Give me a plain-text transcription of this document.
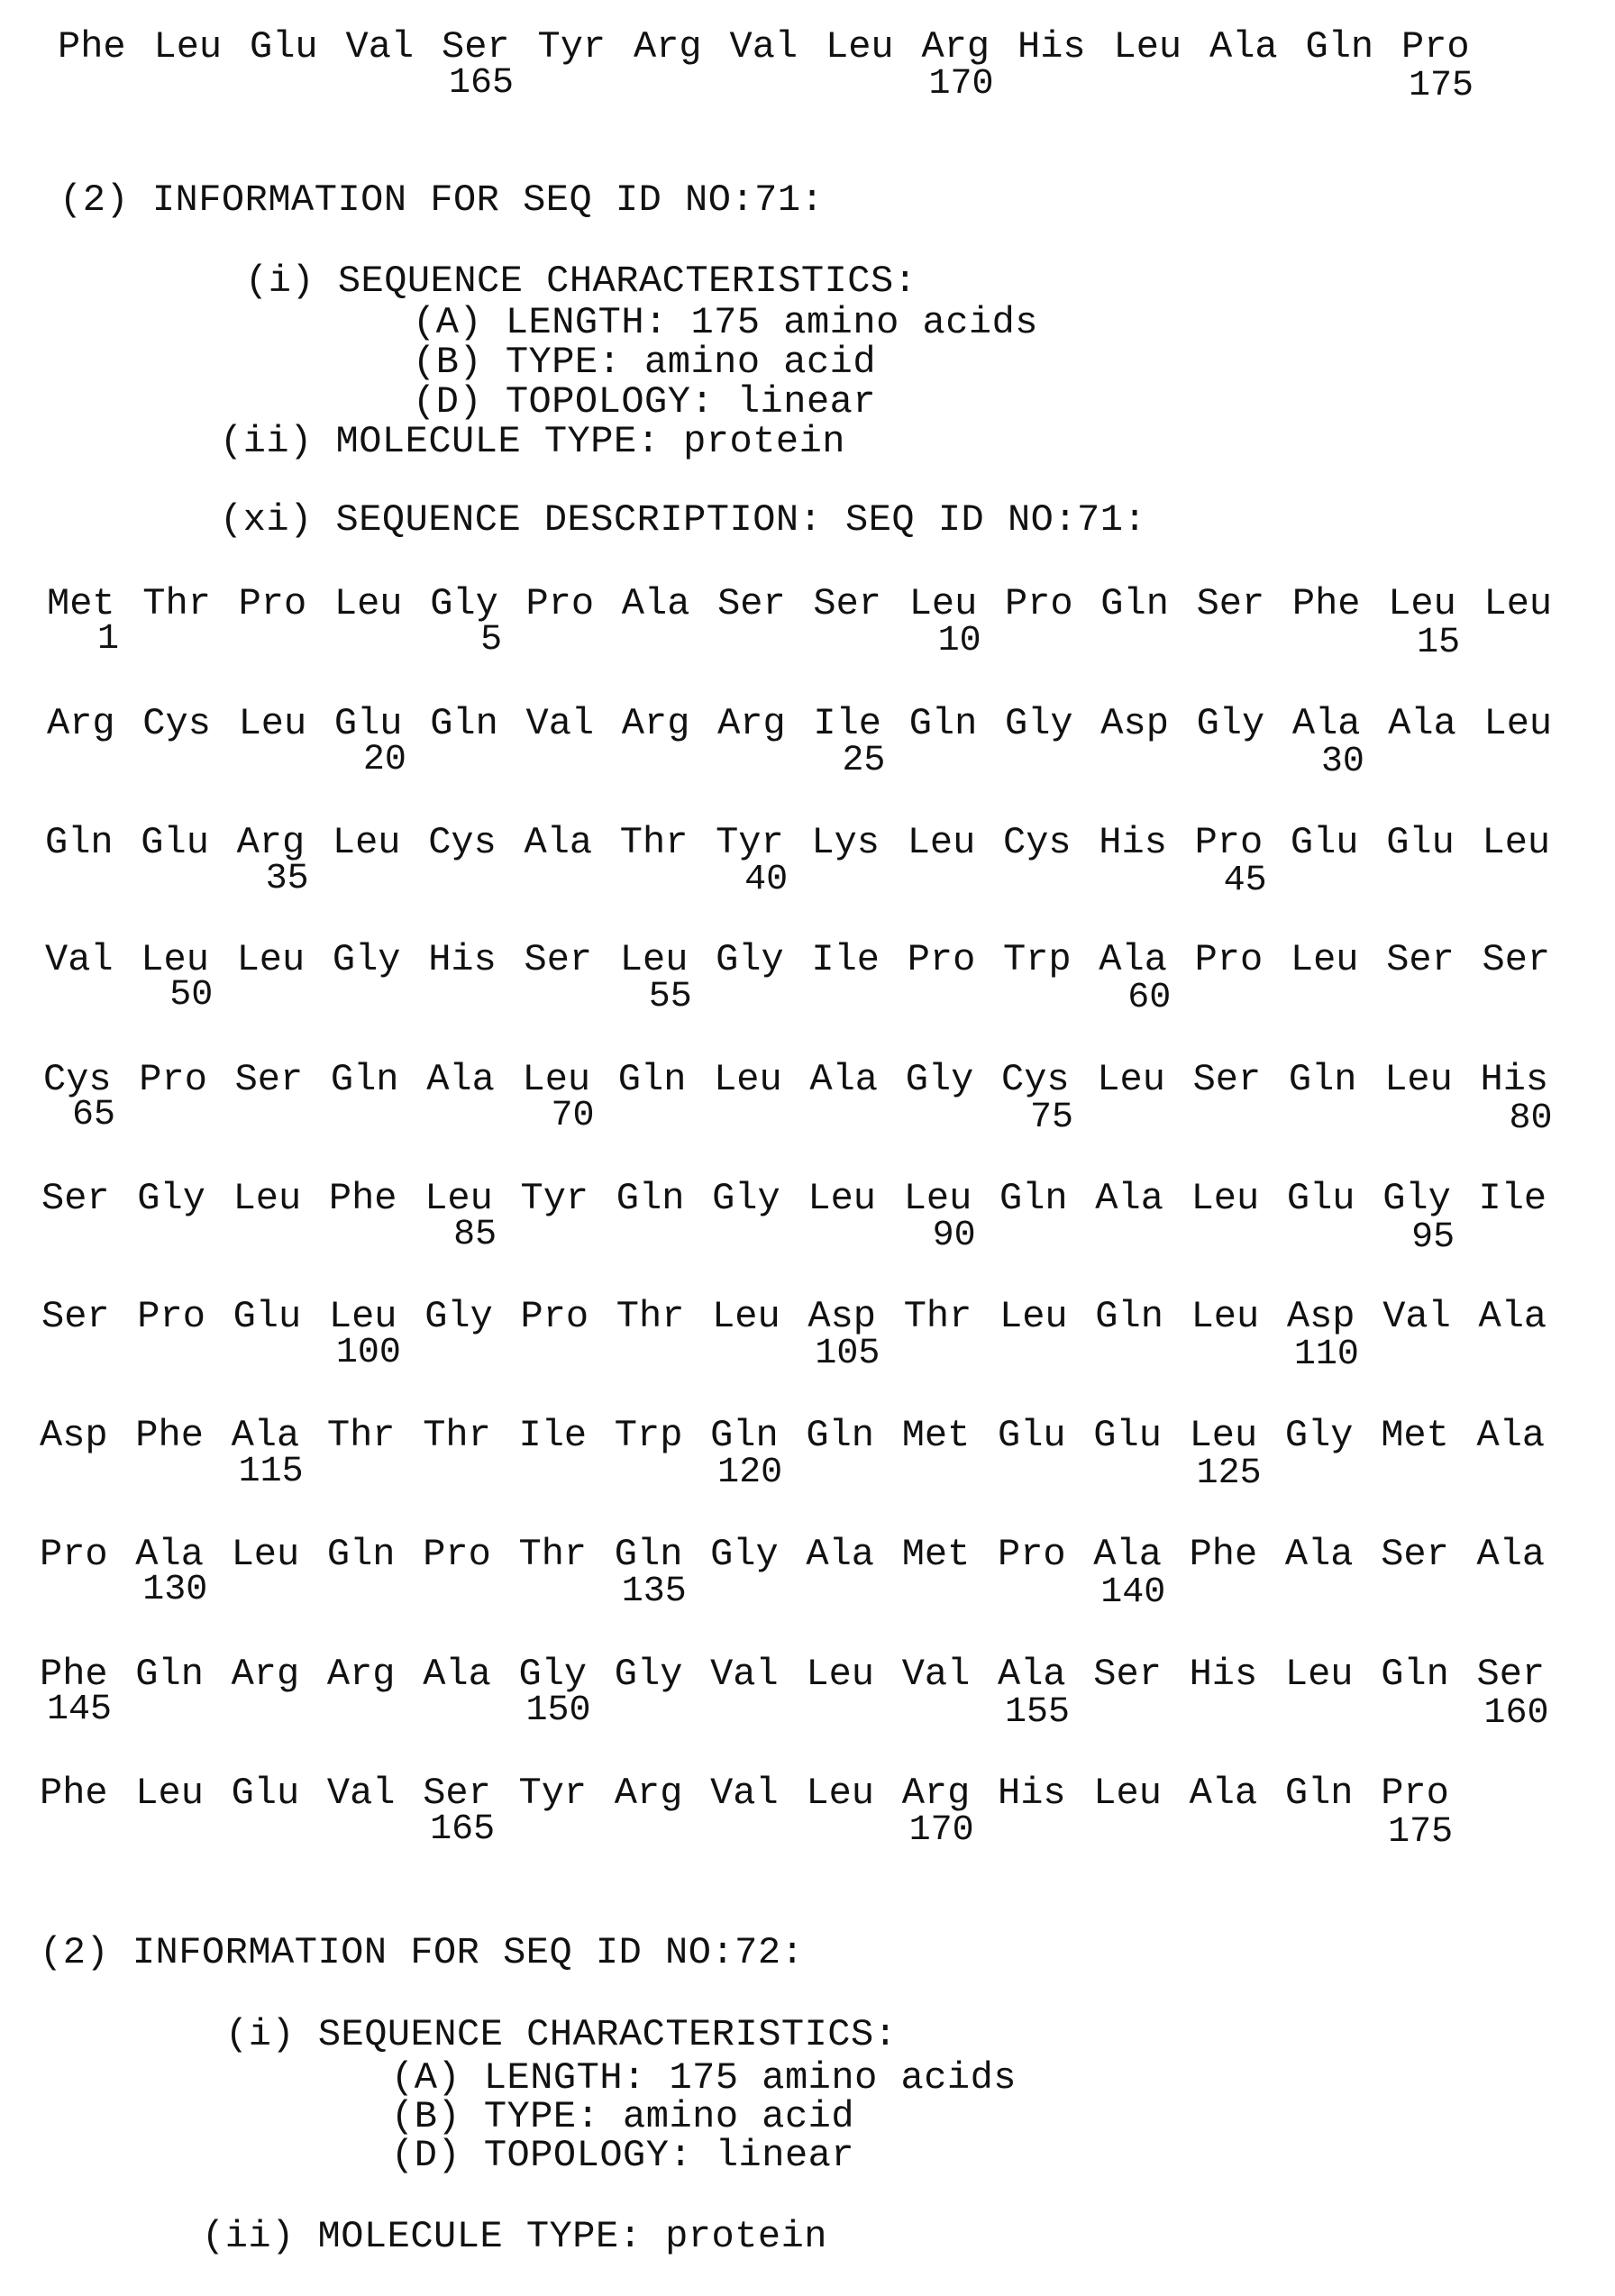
Phe Leu Glu Val Ser Tyr Arg Val Leu Arg His Leu Ala Gln Pro
165	170	175
(2) INFORMATION FOR SEQ ID NO:71:
(i) SEQUENCE CHARACTERISTICS:
(A) LENGTH: 175 amino acids
(B) TYPE: amino acid
(D) TOPOLOGY: linear
(ii) MOLECULE TYPE: protein
(xi) SEQUENCE DESCRIPTION: SEQ ID NO:71:
Met Thr Pro Leu Gly Pro Ala Ser Ser Leu Pro Gln Ser Phe Leu Leu
1	5	10	15
Arg Cys Leu Glu Gln Val Arg Arg Ile Gln Gly Asp Gly Ala Ala Leu
20	25	30
Gln Glu Arg Leu Cys Ala Thr Tyr Lys Leu Cys His Pro Glu Glu Leu
35	40	45
Val Leu Leu Gly His Ser Leu Gly Ile Pro Trp Ala Pro Leu Ser Ser
50	55	60
Cys Pro Ser Gln Ala Leu Gln Leu Ala Gly Cys Leu Ser Gln Leu His
65	70	75	80
Ser Gly Leu Phe Leu Tyr Gln Gly Leu Leu Gln Ala Leu Glu Gly Ile
85	90	95
Ser Pro Glu Leu Gly Pro Thr Leu Asp Thr Leu Gln Leu Asp Val Ala
100	105	110
Asp Phe Ala Thr Thr Ile Trp Gln Gln Met Glu Glu Leu Gly Met Ala
115	120	125
Pro Ala Leu Gln Pro Thr Gln Gly Ala Met Pro Ala Phe Ala Ser Ala
130	135	140
Phe Gln Arg Arg Ala Gly Gly Val Leu Val Ala Ser His Leu Gln Ser
145	150	155	160
Phe Leu Glu Val Ser Tyr Arg Val Leu Arg His Leu Ala Gln Pro
165	170	175
(2) INFORMATION FOR SEQ ID NO:72:
(i) SEQUENCE CHARACTERISTICS:
(A) LENGTH: 175 amino acids
(B) TYPE: amino acid
(D) TOPOLOGY: linear
(ii) MOLECULE TYPE: protein
